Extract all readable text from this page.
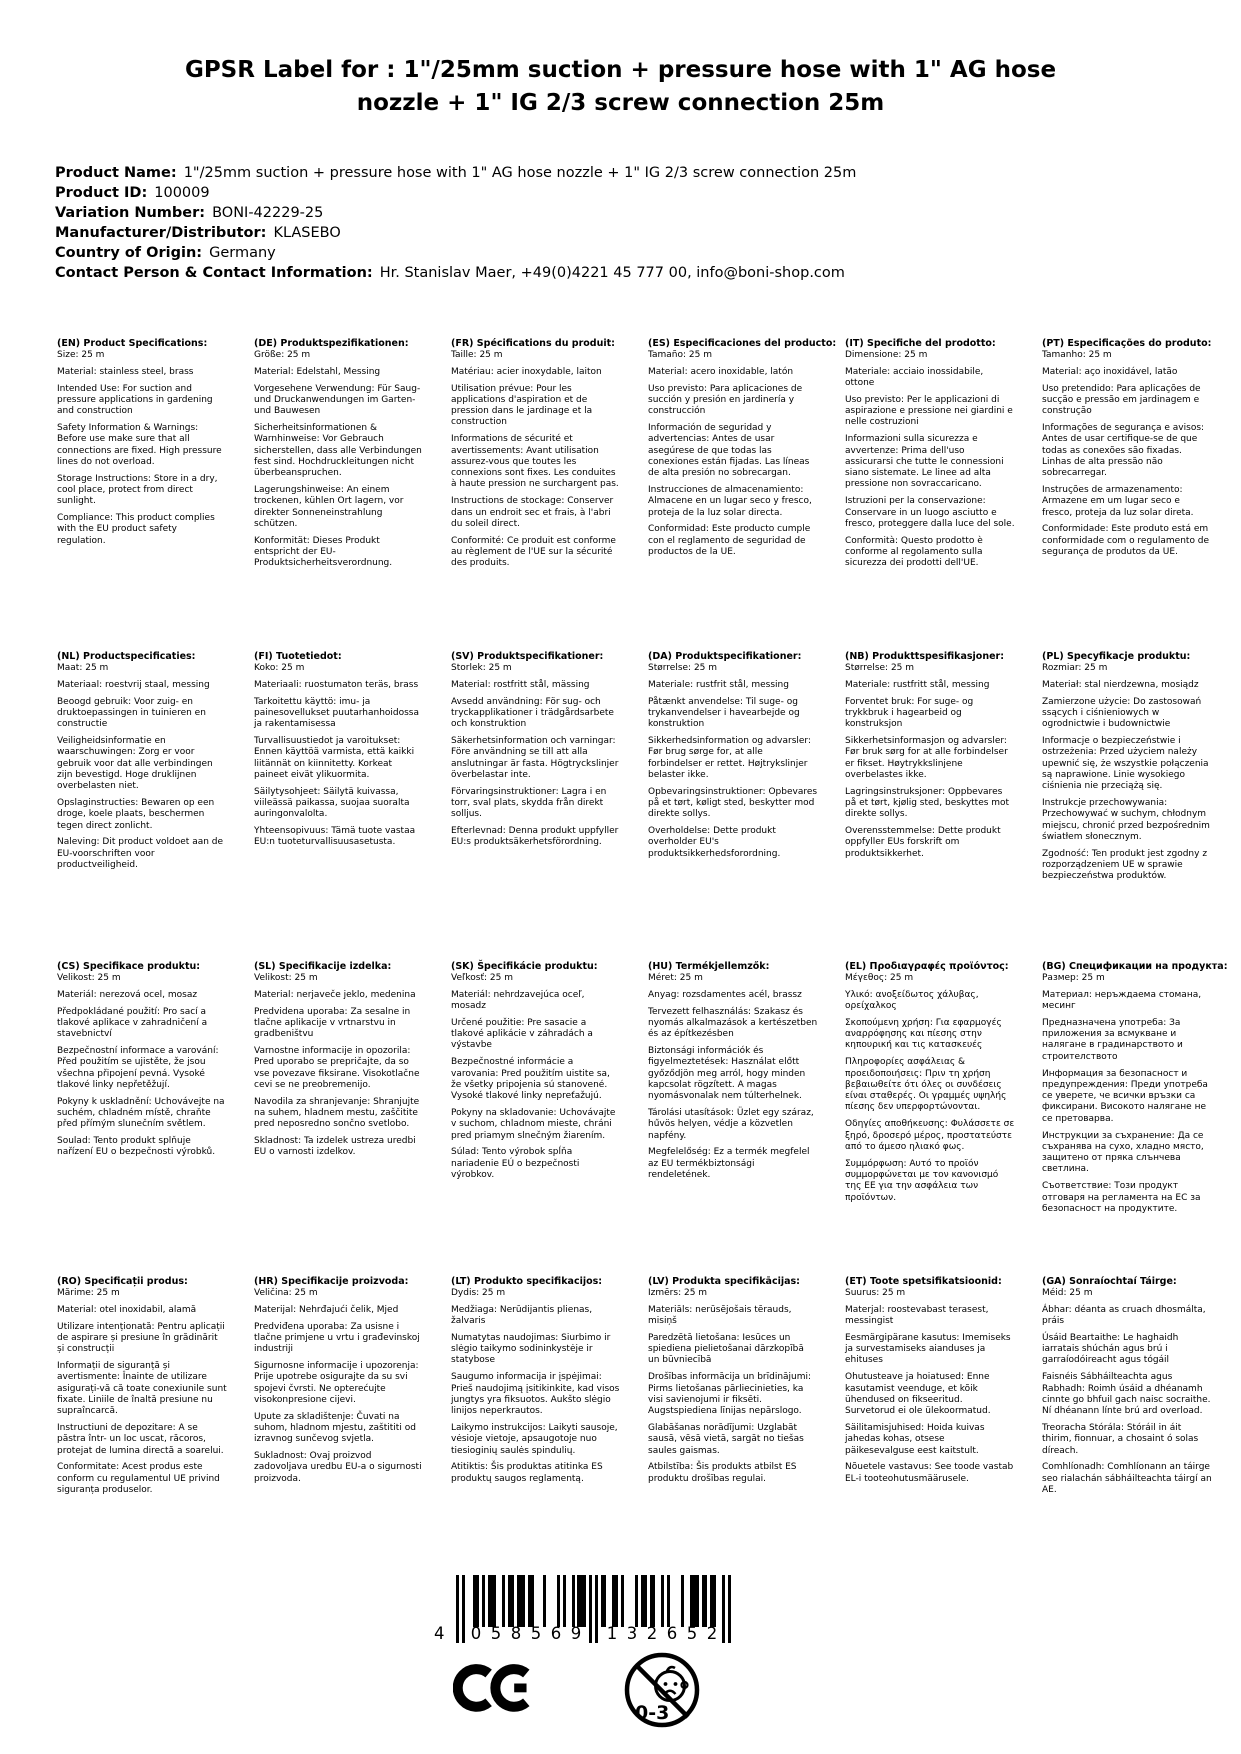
GPSR Label for : 1"/25mm suction + pressure hose with 1" AG hose
nozzle + 1" IG 2/3 screw connection 25m
Product Name: 1"/25mm suction + pressure hose with 1" AG hose nozzle + 1" IG 2/3 screw connection 25m
Product ID: 100009
Variation Number: BONI-42229-25
Manufacturer/Distributor: KLASEBO
Country of Origin: Germany
Contact Person & Contact Information: Hr. Stanislav Maer, +49(0)4221 45 777 00, info@boni-shop.com
(EN) Product Specifications:

Size: 25 m

Material: stainless steel, brass

Intended Use: For suction and pressure applications in gardening and construction

Safety Information & Warnings: Before use make sure that all connections are fixed. High pressure lines do not overload.

Storage Instructions: Store in a dry, cool place, protect from direct sunlight.

Compliance: This product complies with the EU product safety regulation.

(DE) Produktspezifikationen:

Größe: 25 m

Material: Edelstahl, Messing

Vorgesehene Verwendung: Für Saug- und Druckanwendungen im Garten- und Bauwesen

Sicherheitsinformationen & Warnhinweise: Vor Gebrauch sicherstellen, dass alle Verbindungen fest sind. Hochdruckleitungen nicht überbeanspruchen.

Lagerungshinweise: An einem trockenen, kühlen Ort lagern, vor direkter Sonneneinstrahlung schützen.

Konformität: Dieses Produkt entspricht der EU-Produktsicherheitsverordnung.

(FR) Spécifications du produit:

Taille: 25 m

Matériau: acier inoxydable, laiton

Utilisation prévue: Pour les applications d'aspiration et de pression dans le jardinage et la construction

Informations de sécurité et avertissements: Avant utilisation assurez-vous que toutes les connexions sont fixes. Les conduites à haute pression ne surchargent pas.

Instructions de stockage: Conserver dans un endroit sec et frais, à l'abri du soleil direct.

Conformité: Ce produit est conforme au règlement de l'UE sur la sécurité des produits.

(ES) Especificaciones del producto:

Tamaño: 25 m

Material: acero inoxidable, latón

Uso previsto: Para aplicaciones de succión y presión en jardinería y construcción

Información de seguridad y advertencias: Antes de usar asegúrese de que todas las conexiones están fijadas. Las líneas de alta presión no sobrecargan.

Instrucciones de almacenamiento: Almacene en un lugar seco y fresco, proteja de la luz solar directa.

Conformidad: Este producto cumple con el reglamento de seguridad de productos de la UE.

(IT) Specifiche del prodotto:

Dimensione: 25 m

Materiale: acciaio inossidabile, ottone

Uso previsto: Per le applicazioni di aspirazione e pressione nei giardini e nelle costruzioni

Informazioni sulla sicurezza e avvertenze: Prima dell'uso assicurarsi che tutte le connessioni siano sistemate. Le linee ad alta pressione non sovraccaricano.

Istruzioni per la conservazione: Conservare in un luogo asciutto e fresco, proteggere dalla luce del sole.

Conformità: Questo prodotto è conforme al regolamento sulla sicurezza dei prodotti dell'UE.

(PT) Especificações do produto:

Tamanho: 25 m

Material: aço inoxidável, latão

Uso pretendido: Para aplicações de sucção e pressão em jardinagem e construção

Informações de segurança e avisos: Antes de usar certifique-se de que todas as conexões são fixadas. Linhas de alta pressão não sobrecarregar.

Instruções de armazenamento: Armazene em um lugar seco e fresco, proteja da luz solar direta.

Conformidade: Este produto está em conformidade com o regulamento de segurança de produtos da UE.

(NL) Productspecificaties:

Maat: 25 m

Materiaal: roestvrij staal, messing

Beoogd gebruik: Voor zuig- en druktoepassingen in tuinieren en constructie

Veiligheidsinformatie en waarschuwingen: Zorg er voor gebruik voor dat alle verbindingen zijn bevestigd. Hoge druklijnen overbelasten niet.

Opslaginstructies: Bewaren op een droge, koele plaats, beschermen tegen direct zonlicht.

Naleving: Dit product voldoet aan de EU-voorschriften voor productveiligheid.

(FI) Tuotetiedot:

Koko: 25 m

Materiaali: ruostumaton teräs, brass

Tarkoitettu käyttö: imu- ja painesovellukset puutarhanhoidossa ja rakentamisessa

Turvallisuustiedot ja varoitukset: Ennen käyttöä varmista, että kaikki liitännät on kiinnitetty. Korkeat paineet eivät ylikuormita.

Säilytysohjeet: Säilytä kuivassa, viileässä paikassa, suojaa suoralta auringonvalolta.

Yhteensopivuus: Tämä tuote vastaa EU:n tuoteturvallisuusasetusta.

(SV) Produktspecifikationer:

Storlek: 25 m

Material: rostfritt stål, mässing

Avsedd användning: För sug- och tryckapplikationer i trädgårdsarbete och konstruktion

Säkerhetsinformation och varningar: Före användning se till att alla anslutningar är fasta. Högtryckslinjer överbelastar inte.

Förvaringsinstruktioner: Lagra i en torr, sval plats, skydda från direkt solljus.

Efterlevnad: Denna produkt uppfyller EU:s produktsäkerhetsförordning.

(DA) Produktspecifikationer:

Størrelse: 25 m

Materiale: rustfrit stål, messing

Påtænkt anvendelse: Til suge- og trykanvendelser i havearbejde og konstruktion

Sikkerhedsinformation og advarsler: Før brug sørge for, at alle forbindelser er rettet. Højtrykslinjer belaster ikke.

Opbevaringsinstruktioner: Opbevares på et tørt, køligt sted, beskytter mod direkte sollys.

Overholdelse: Dette produkt overholder EU's produktsikkerhedsforordning.

(NB) Produkttspesifikasjoner:

Størrelse: 25 m

Materiale: rustfritt stål, messing

Forventet bruk: For suge- og trykkbruk i hagearbeid og konstruksjon

Sikkerhetsinformasjon og advarsler: Før bruk sørg for at alle forbindelser er fikset. Høytrykkslinjene overbelastes ikke.

Lagringsinstruksjoner: Oppbevares på et tørt, kjølig sted, beskyttes mot direkte sollys.

Overensstemmelse: Dette produkt oppfyller EUs forskrift om produktsikkerhet.

(PL) Specyfikacje produktu:

Rozmiar: 25 m

Materiał: stal nierdzewna, mosiądz

Zamierzone użycie: Do zastosowań ssących i ciśnieniowych w ogrodnictwie i budownictwie

Informacje o bezpieczeństwie i ostrzeżenia: Przed użyciem należy upewnić się, że wszystkie połączenia są naprawione. Linie wysokiego ciśnienia nie przeciążą się.

Instrukcje przechowywania: Przechowywać w suchym, chłodnym miejscu, chronić przed bezpośrednim światłem słonecznym.

Zgodność: Ten produkt jest zgodny z rozporządzeniem UE w sprawie bezpieczeństwa produktów.

(CS) Specifikace produktu:

Velikost: 25 m

Materiál: nerezová ocel, mosaz

Předpokládané použití: Pro sací a tlakové aplikace v zahradničení a stavebnictví

Bezpečnostní informace a varování: Před použitím se ujistěte, že jsou všechna připojení pevná. Vysoké tlakové linky nepřetěžují.

Pokyny k uskladnění: Uchovávejte na suchém, chladném místě, chraňte před přímým slunečním světlem.

Soulad: Tento produkt splňuje nařízení EU o bezpečnosti výrobků.

(SL) Specifikacije izdelka:

Velikost: 25 m

Material: nerjaveče jeklo, medenina

Predvidena uporaba: Za sesalne in tlačne aplikacije v vrtnarstvu in gradbeništvu

Varnostne informacije in opozorila: Pred uporabo se prepričajte, da so vse povezave fiksirane. Visokotlačne cevi se ne preobremenijo.

Navodila za shranjevanje: Shranjujte na suhem, hladnem mestu, zaščitite pred neposredno sončno svetlobo.

Skladnost: Ta izdelek ustreza uredbi EU o varnosti izdelkov.

(SK) Špecifikácie produktu:

Veľkosť: 25 m

Materiál: nehrdzavejúca oceľ, mosadz

Určené použitie: Pre sasacie a tlakové aplikácie v záhradách a výstavbe

Bezpečnostné informácie a varovania: Pred použitím uistite sa, že všetky pripojenia sú stanovené. Vysoké tlakové linky nepreťažujú.

Pokyny na skladovanie: Uchovávajte v suchom, chladnom mieste, chráni pred priamym slnečným žiarením.

Súlad: Tento výrobok spĺňa nariadenie EÚ o bezpečnosti výrobkov.

(HU) Termékjellemzők:

Méret: 25 m

Anyag: rozsdamentes acél, brassz

Tervezett felhasználás: Szakasz és nyomás alkalmazások a kertészetben és az építkezésben

Biztonsági információk és figyelmeztetések: Használat előtt győződjön meg arról, hogy minden kapcsolat rögzített. A magas nyomásvonalak nem túlterhelnek.

Tárolási utasítások: Üzlet egy száraz, hűvös helyen, védje a közvetlen napfény.

Megfelelőség: Ez a termék megfelel az EU termékbiztonsági rendeletének.

(EL) Προδιαγραφές προϊόντος:

Μέγεθος: 25 m

Υλικό: ανοξείδωτος χάλυβας, ορείχαλκος

Σκοπούμενη χρήση: Για εφαρμογές αναρρόφησης και πίεσης στην κηπουρική και τις κατασκευές

Πληροφορίες ασφάλειας & προειδοποιήσεις: Πριν τη χρήση βεβαιωθείτε ότι όλες οι συνδέσεις είναι σταθερές. Οι γραμμές υψηλής πίεσης δεν υπερφορτώνονται.

Οδηγίες αποθήκευσης: Φυλάσσετε σε ξηρό, δροσερό μέρος, προστατεύστε από το άμεσο ηλιακό φως.

Συμμόρφωση: Αυτό το προϊόν συμμορφώνεται με τον κανονισμό της ΕΕ για την ασφάλεια των προϊόντων.

(BG) Спецификации на продукта:

Размер: 25 m

Материал: неръждаема стомана, месинг

Предназначена употреба: За приложения за всмукване и налягане в градинарството и строителството

Информация за безопасност и предупреждения: Преди употреба се уверете, че всички връзки са фиксирани. Високото налягане не се претоварва.

Инструкции за съхранение: Да се съхранява на сухо, хладно място, защитено от пряка слънчева светлина.

Съответствие: Този продукт отговаря на регламента на ЕС за безопасност на продуктите.

(RO) Specificații produs:

Mărime: 25 m

Material: otel inoxidabil, alamă

Utilizare intenționată: Pentru aplicații de aspirare și presiune în grădinărit și construcții

Informații de siguranță și avertismente: Înainte de utilizare asigurați-vă că toate conexiunile sunt fixate. Liniile de înaltă presiune nu supraîncarcă.

Instructiuni de depozitare: A se păstra într- un loc uscat, răcoros, protejat de lumina directă a soarelui.

Conformitate: Acest produs este conform cu regulamentul UE privind siguranța produselor.

(HR) Specifikacije proizvoda:

Veličina: 25 m

Materijal: Nehrđajući čelik, Mjed

Predviđena uporaba: Za usisne i tlačne primjene u vrtu i građevinskoj industriji

Sigurnosne informacije i upozorenja: Prije upotrebe osigurajte da su svi spojevi čvrsti. Ne opterećujte visokonpresione cijevi.

Upute za skladištenje: Čuvati na suhom, hladnom mjestu, zaštititi od izravnog sunčevog svjetla.

Sukladnost: Ovaj proizvod zadovoljava uredbu EU-a o sigurnosti proizvoda.

(LT) Produkto specifikacijos:

Dydis: 25 m

Medžiaga: Nerūdijantis plienas, žalvaris

Numatytas naudojimas: Siurbimo ir slėgio taikymo sodininkystėje ir statybose

Saugumo informacija ir įspėjimai: Prieš naudojimą įsitikinkite, kad visos jungtys yra fiksuotos. Aukšto slėgio linijos neperkrautos.

Laikymo instrukcijos: Laikyti sausoje, vėsioje vietoje, apsaugotoje nuo tiesioginių saulės spindulių.

Atitiktis: Šis produktas atitinka ES produktų saugos reglamentą.

(LV) Produkta specifikācijas:

Izmērs: 25 m

Materiāls: nerūsējošais tērauds, misiņš

Paredzētā lietošana: Iesūces un spiediena pielietošanai dārzkopībā un būvniecībā

Drošības informācija un brīdinājumi: Pirms lietošanas pārliecinieties, ka visi savienojumi ir fiksēti. Augstspiediena līnijas nepārslogo.

Glabāšanas norādījumi: Uzglabāt sausā, vēsā vietā, sargāt no tiešas saules gaismas.

Atbilstība: Šis produkts atbilst ES produktu drošības regulai.

(ET) Toote spetsifikatsioonid:

Suurus: 25 m

Materjal: roostevabast terasest, messingist

Eesmärgipärane kasutus: Imemiseks ja survestamiseks aianduses ja ehituses

Ohutusteave ja hoiatused: Enne kasutamist veenduge, et kõik ühendused on fikseeritud. Survetorud ei ole ülekoormatud.

Säilitamisjuhised: Hoida kuivas jahedas kohas, otsese päikesevalguse eest kaitstult.

Nõuetele vastavus: See toode vastab EL-i tooteohutusmäärusele.

(GA) Sonraíochtaí Táirge:

Méid: 25 m

Ábhar: déanta as cruach dhosmálta, práis

Úsáid Beartaithe: Le haghaidh iarratais shúchán agus brú i garraíodóireacht agus tógáil

Faisnéis Sábháilteachta agus Rabhadh: Roimh úsáid a dhéanamh cinnte go bhfuil gach naisc socraithe. Ní dhéanann línte brú ard overload.

Treoracha Stórála: Stóráil in áit thirim, fionnuar, a chosaint ó solas díreach.

Comhlíonadh: Comhlíonann an táirge seo rialachán sábháilteachta táirgí an AE.

4 0 5 8 5 6 9 1 3 2 6 5 2
0-3
